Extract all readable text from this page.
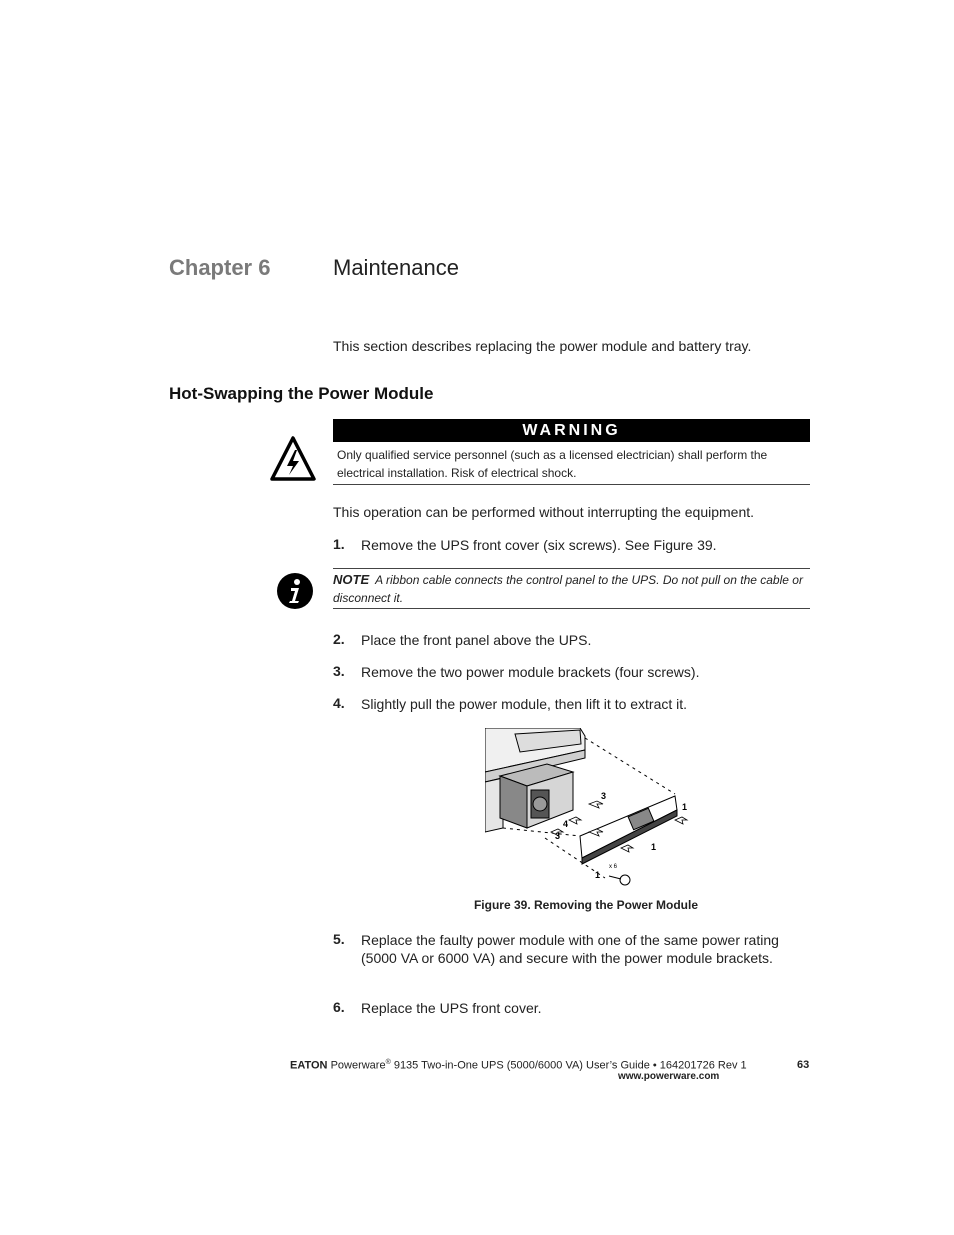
Chapter 6	Maintenance
This section describes replacing the power module and battery tray.
Hot-Swapping the Power Module
WARNING
Only qualified service personnel (such as a licensed electrician) shall perform the electrical installation. Risk of electrical shock.
This operation can be performed without interrupting the equipment.
1. Remove the UPS front cover (six screws). See Figure 39.
NOTE A ribbon cable connects the control panel to the UPS. Do not pull on the cable or disconnect it.
2. Place the front panel above the UPS.
3. Remove the two power module brackets (four screws).
4. Slightly pull the power module, then lift it to extract it.
1
1
1
3
3
4
x 6
Figure 39. Removing the Power Module
5. Replace the faulty power module with one of the same power rating (5000 VA or 6000 VA) and secure with the power module brackets.
6. Replace the UPS front cover.
EATON Powerware® 9135 Two-in-One UPS (5000/6000 VA) User’s Guide • 164201726 Rev 1
www.powerware.com
63
